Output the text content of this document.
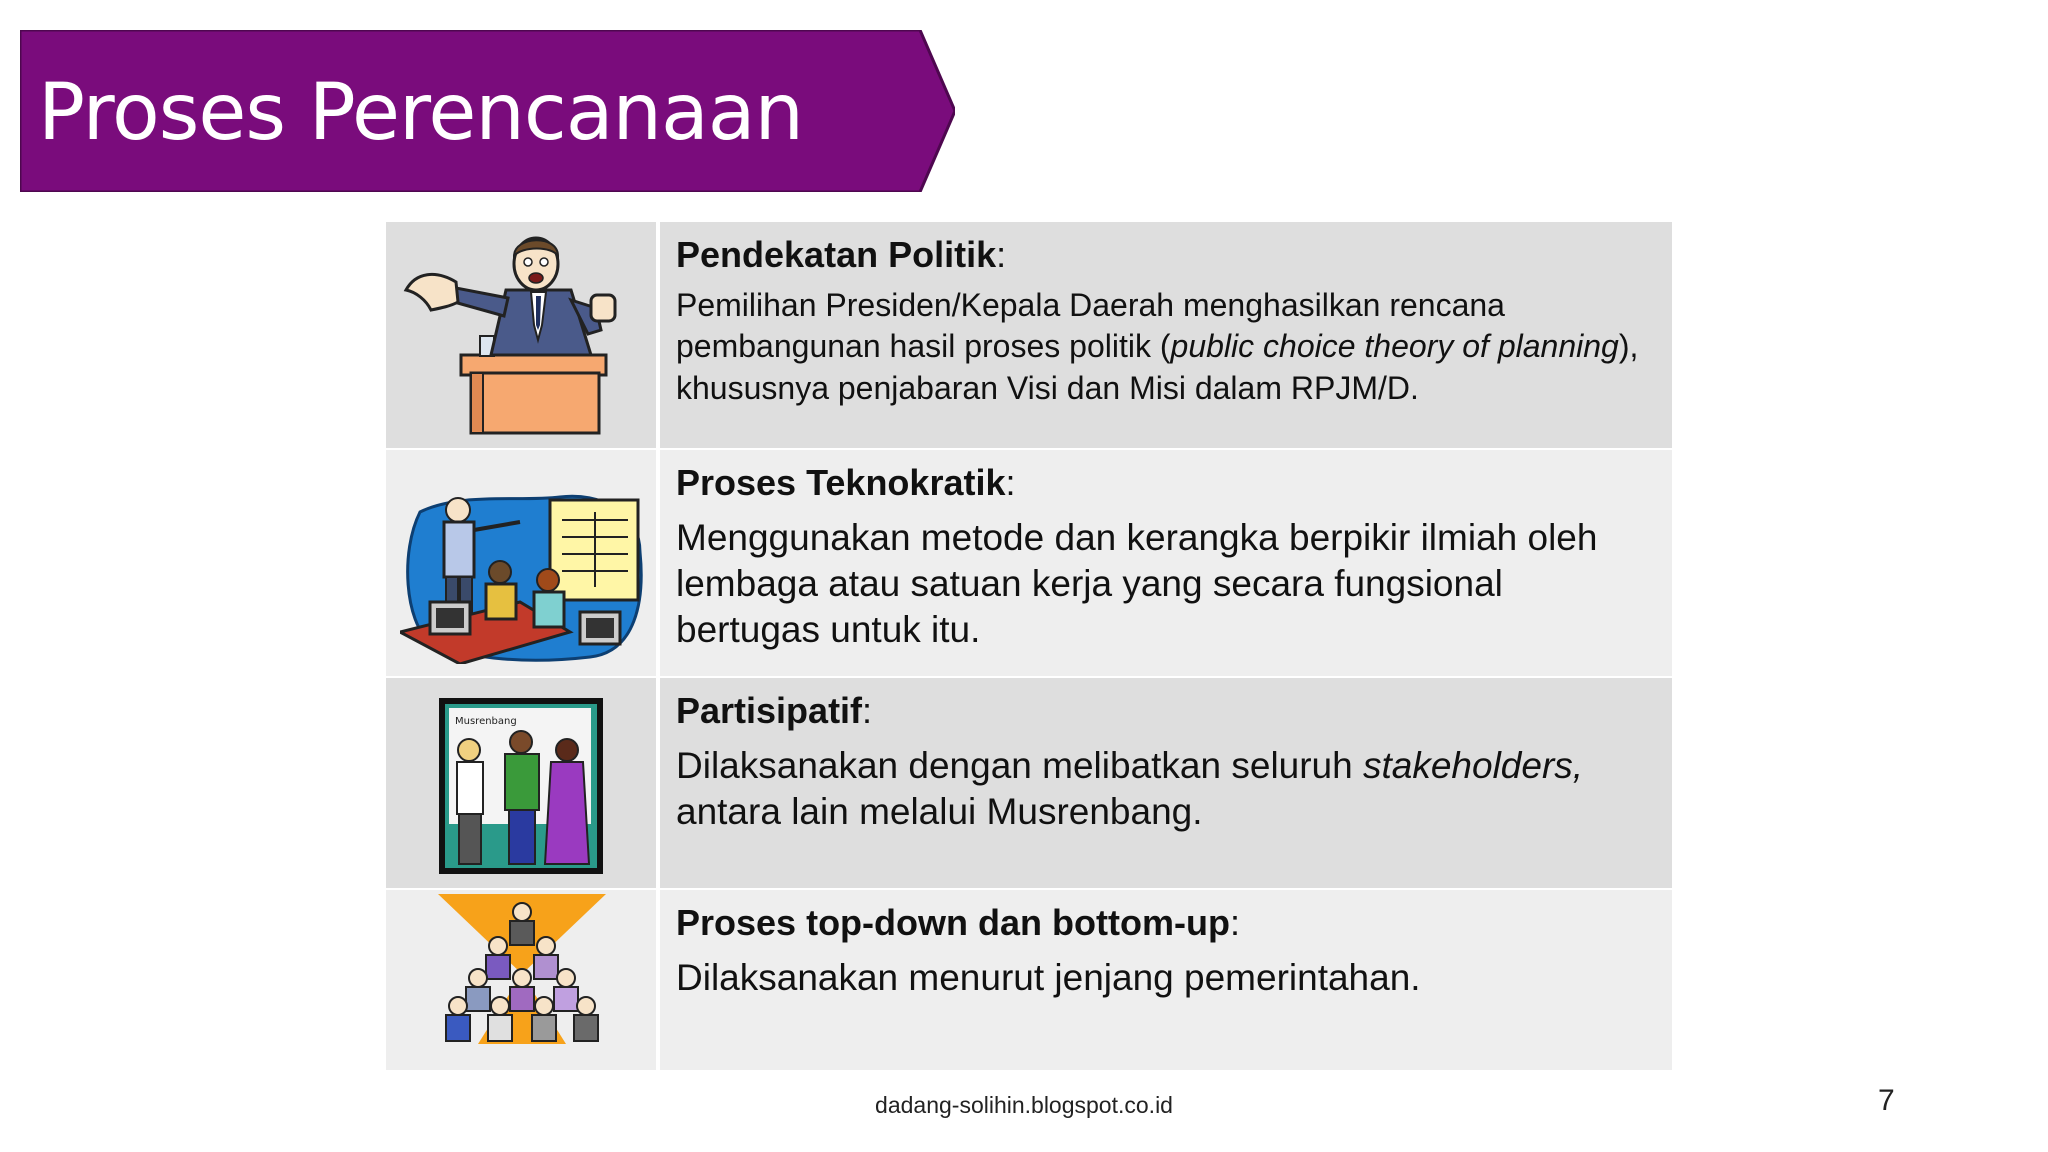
Proses Perencanaan
Pendekatan Politik:
Pemilihan Presiden/Kepala Daerah menghasilkan rencana pembangunan hasil proses politik (public choice theory of planning), khususnya penjabaran Visi dan Misi dalam RPJM/D.
Proses Teknokratik:
Menggunakan metode dan kerangka berpikir ilmiah oleh lembaga atau satuan kerja yang secara fungsional bertugas untuk itu.
Musrenbang	Partisipatif:
Dilaksanakan dengan melibatkan seluruh stakeholders, antara lain melalui Musrenbang.
Proses top-down dan bottom-up:
Dilaksanakan menurut jenjang pemerintahan.
dadang-solihin.blogspot.co.id	7
